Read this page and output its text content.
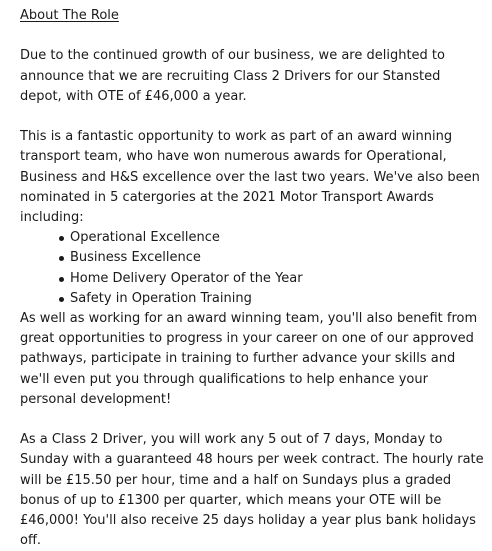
About The Role

Due to the continued growth of our business, we are delighted to announce that we are recruiting Class 2 Drivers for our Stansted depot, with OTE of £46,000 a year.

This is a fantastic opportunity to work as part of an award winning transport team, who have won numerous awards for Operational, Business and H&S excellence over the last two years. We've also been nominated in 5 catergories at the 2021 Motor Transport Awards including:

Operational Excellence
Business Excellence
Home Delivery Operator of the Year
Safety in Operation Training

As well as working for an award winning team, you'll also benefit from great opportunities to progress in your career on one of our approved pathways, participate in training to further advance your skills and we'll even put you through qualifications to help enhance your personal development!

As a Class 2 Driver, you will work any 5 out of 7 days, Monday to Sunday with a guaranteed 48 hours per week contract. The hourly rate will be £15.50 per hour, time and a half on Sundays plus a graded bonus of up to £1300 per quarter, which means your OTE will be £46,000! You'll also receive 25 days holiday a year plus bank holidays off.
